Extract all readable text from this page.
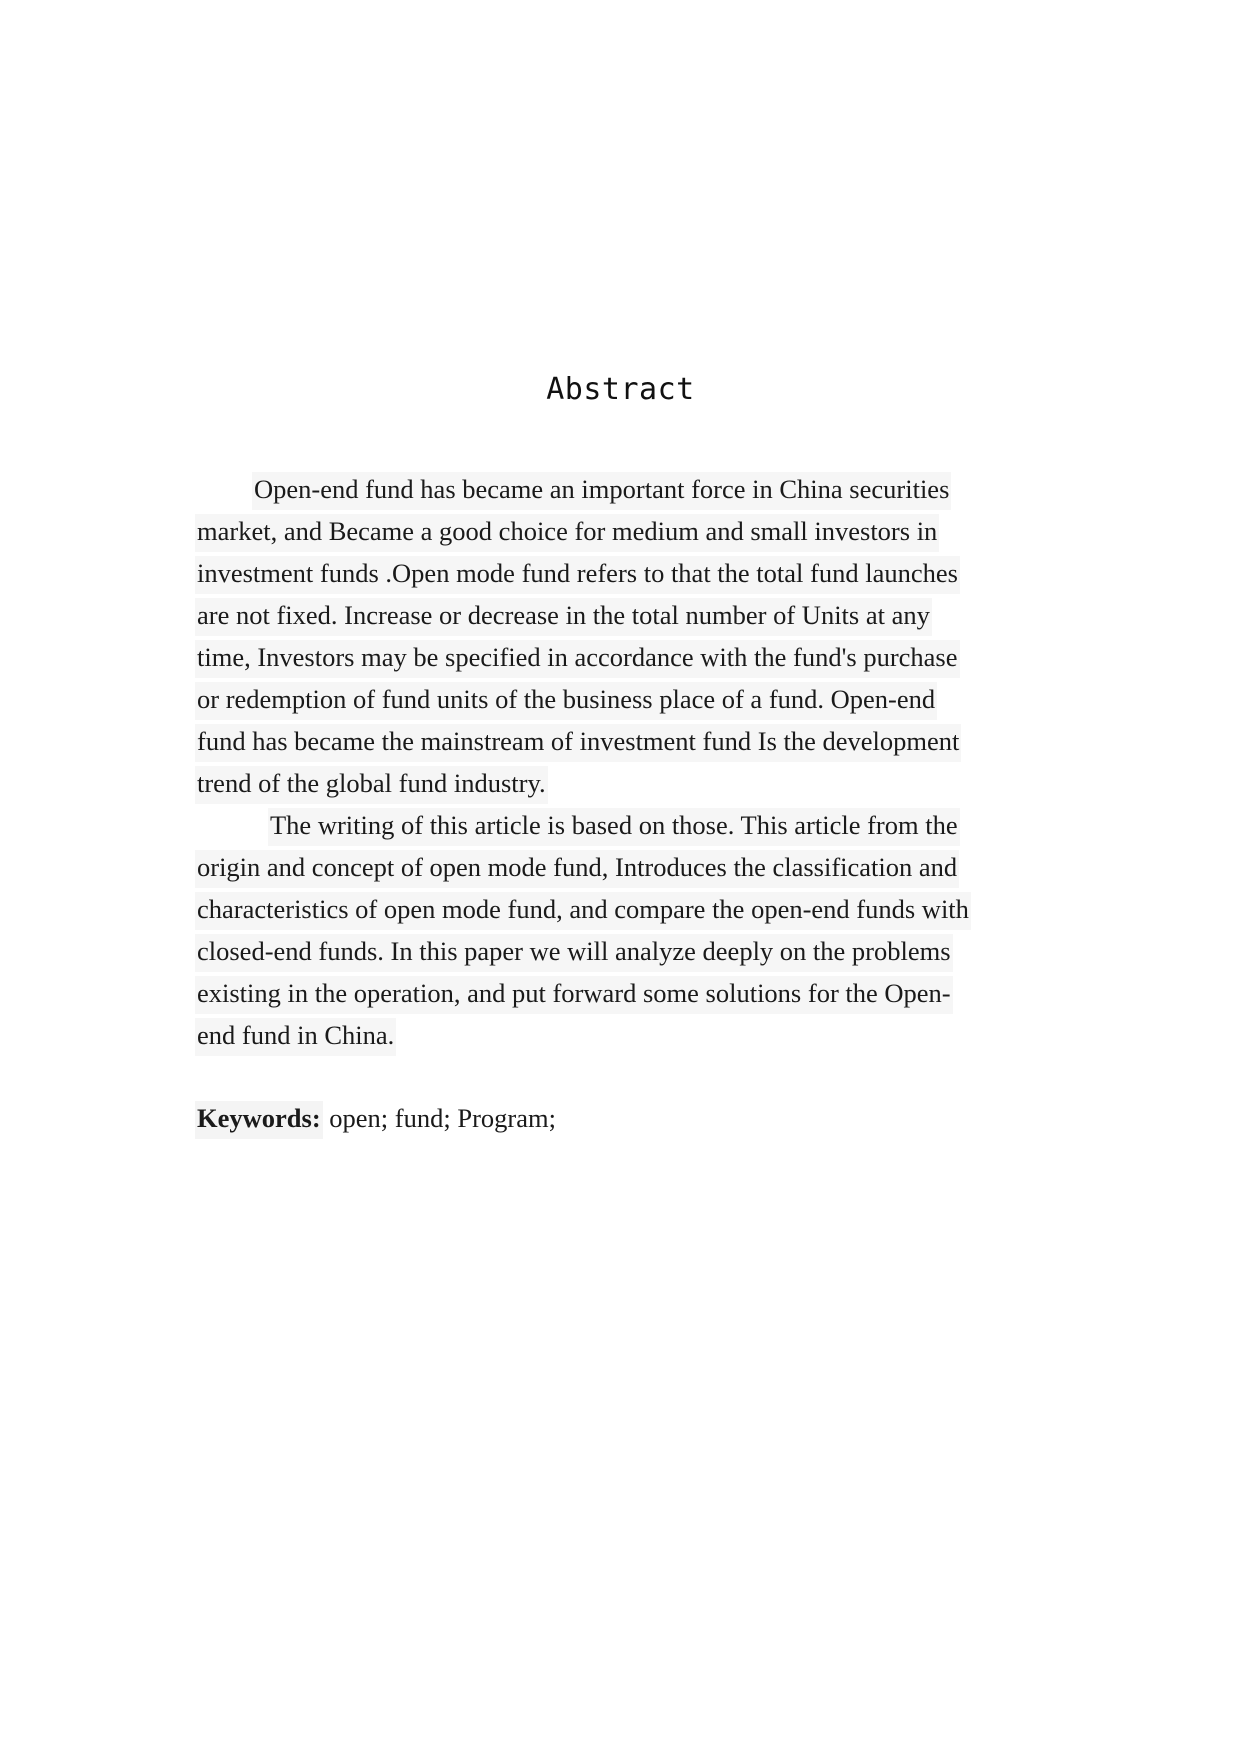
Abstract
Open-end fund has became an important force in China securities
market, and Became a good choice for medium and small investors in
investment funds .Open mode fund refers to that the total fund launches
are not fixed. Increase or decrease in the total number of Units at any
time, Investors may be specified in accordance with the fund's purchase
or redemption of fund units of the business place of a fund. Open-end
fund has became the mainstream of investment fund Is the development
trend of the global fund industry.
The writing of this article is based on those. This article from the
origin and concept of open mode fund, Introduces the classification and
characteristics of open mode fund, and compare the open-end funds with
closed-end funds. In this paper we will analyze deeply on the problems
existing in the operation, and put forward some solutions for the Open-
end fund in China.
Keywords: open; fund; Program;
